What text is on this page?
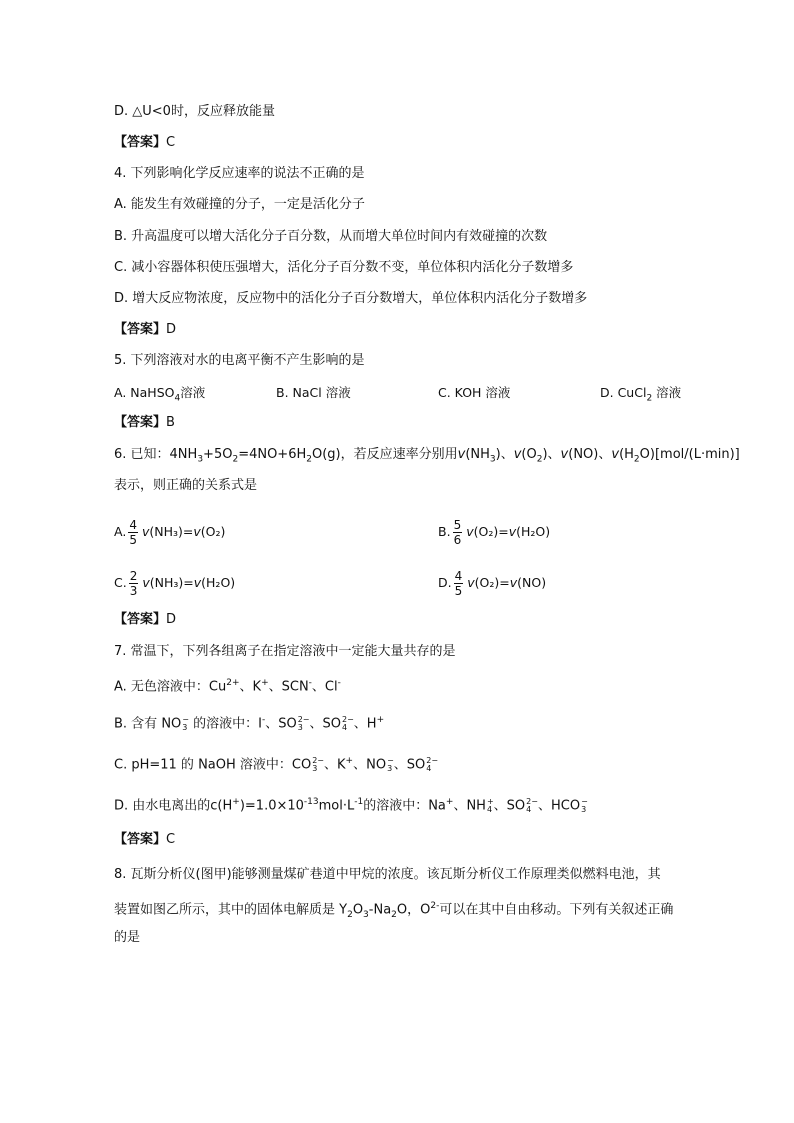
D. △U<0时，反应释放能量
【答案】C
4. 下列影响化学反应速率的说法不正确的是
A. 能发生有效碰撞的分子，一定是活化分子
B. 升高温度可以增大活化分子百分数，从而增大单位时间内有效碰撞的次数
C. 减小容器体积使压强增大，活化分子百分数不变，单位体积内活化分子数增多
D. 增大反应物浓度，反应物中的活化分子百分数增大，单位体积内活化分子数增多
【答案】D
5. 下列溶液对水的电离平衡不产生影响的是
A. NaHSO$_4$溶液	B. NaCl 溶液	C. KOH 溶液	D. CuCl$_2$ 溶液
【答案】B
6. 已知：$4NH_3+5O_2=4NO+6H_2O(g)$，若反应速率分别用$v(NH_3)$、$v(O_2)$、v(NO)、$v(H_2O)[mol/(L\cdot\min)]$
表示，则正确的关系式是
A. $\frac{4}{5} v(NH_3)=v(O_2)$	B. $\frac{5}{6} v(O_2)=v(H_2O)$
C. $\frac{2}{3} v(NH_3)=v(H_2O)$	D. $\frac{4}{5} v(O_2)=v(NO)$
【答案】D
7. 常温下，下列各组离子在指定溶液中一定能大量共存的是
A. 无色溶液中：$Cu^{2+}$、K+、SCN-、Cl-
B. 含有 NO −
3 的溶液中：I-、SO 2−
3 、SO 2−
4 、H+
C. pH=11 的 NaOH 溶液中：CO 2−
3 、K+、NO −
3 、SO 2−
4
D. 由水电离出的$c(H^+)=1.0\times 10^{-13}mol\cdot L^{-1}$的溶液中：Na+、NH +
4 、SO 2−
4 、HCO −
3
【答案】C
8. 瓦斯分析仪(图甲)能够测量煤矿巷道中甲烷的浓度。该瓦斯分析仪工作原理类似燃料电池，其
装置如图乙所示，其中的固体电解质是 $Y_2O_3-Na_2O$，$O^{2-}$可以在其中自由移动。下列有关叙述正确
的是
